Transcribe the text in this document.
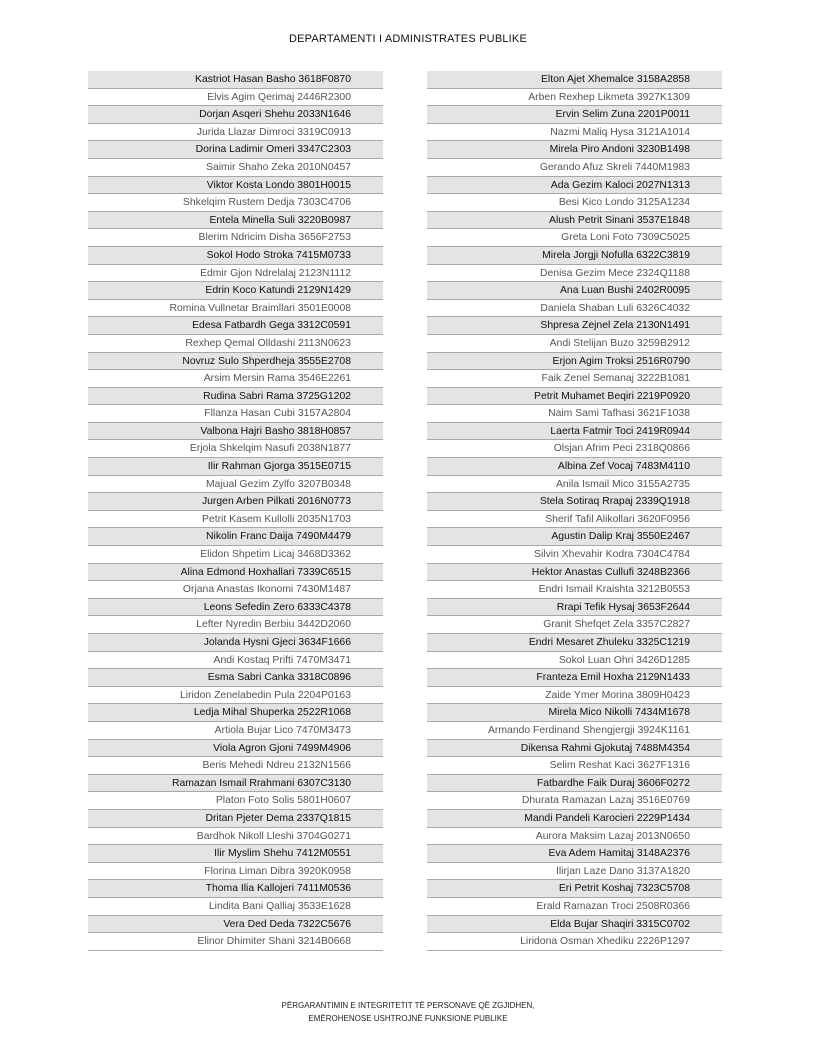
DEPARTAMENTI I ADMINISTRATES PUBLIKE
Kastriot Hasan Basho 3618F0870
Elvis Agim Qerimaj 2446R2300
Dorjan Asqeri Shehu 2033N1646
Jurida Llazar Dimroci 3319C0913
Dorina Ladimir Omeri 3347C2303
Saimir Shaho Zeka 2010N0457
Viktor Kosta Londo 3801H0015
Shkelqim Rustem Dedja 7303C4706
Entela Minella Suli 3220B0987
Blerim Ndricim Disha 3656F2753
Sokol Hodo Stroka 7415M0733
Edmir Gjon Ndrelalaj 2123N1112
Edrin Koco Katundi 2129N1429
Romina Vullnetar Braimllari 3501E0008
Edesa Fatbardh Gega 3312C0591
Rexhep Qemal Olldashi 2113N0623
Novruz Sulo Shperdheja 3555E2708
Arsim Mersin Rama 3546E2261
Rudina Sabri Rama 3725G1202
Fllanza Hasan Cubi 3157A2804
Valbona Hajri Basho 3818H0857
Erjola Shkelqim Nasufi 2038N1877
Ilir Rahman Gjorga 3515E0715
Majual Gezim Zylfo 3207B0348
Jurgen Arben Pilkati 2016N0773
Petrit Kasem Kullolli 2035N1703
Nikolin Franc Daija 7490M4479
Elidon Shpetim Licaj 3468D3362
Alina Edmond Hoxhallari 7339C6515
Orjana Anastas Ikonomi 7430M1487
Leons Sefedin Zero 6333C4378
Lefter Nyredin Berbiu 3442D2060
Jolanda Hysni Gjeci 3634F1666
Andi Kostaq Prifti 7470M3471
Esma Sabri Canka 3318C0896
Liridon Zenelabedin Pula 2204P0163
Ledja Mihal Shuperka 2522R1068
Artiola Bujar Lico 7470M3473
Viola Agron Gjoni 7499M4906
Beris Mehedi Ndreu 2132N1566
Ramazan Ismail Rrahmani 6307C3130
Platon Foto Solis 5801H0607
Dritan Pjeter Dema 2337Q1815
Bardhok Nikoll Lleshi 3704G0271
Ilir Myslim Shehu 7412M0551
Florina Liman Dibra 3920K0958
Thoma Ilia Kallojeri 7411M0536
Lindita Bani Qalliaj 3533E1628
Vera Ded Deda 7322C5676
Elinor Dhimiter Shani 3214B0668
Elton Ajet Xhemalce 3158A2858
Arben Rexhep Likmeta 3927K1309
Ervin Selim Zuna 2201P0011
Nazmi Maliq Hysa 3121A1014
Mirela Piro Andoni 3230B1498
Gerando Afuz Skreli 7440M1983
Ada Gezim Kaloci 2027N1313
Besi Kico Londo 3125A1234
Alush Petrit Sinani 3537E1848
Greta Loni Foto 7309C5025
Mirela Jorgji Nofulla 6322C3819
Denisa Gezim Mece 2324Q1188
Ana Luan Bushi 2402R0095
Daniela Shaban Luli 6326C4032
Shpresa Zejnel Zela 2130N1491
Andi Stelijan Buzo 3259B2912
Erjon Agim Troksi 2516R0790
Faik Zenel Semanaj 3222B1081
Petrit Muhamet Beqiri 2219P0920
Naim Sami Tafhasi 3621F1038
Laerta Fatmir Toci 2419R0944
Olsjan Afrim Peci 2318Q0866
Albina Zef Vocaj 7483M4110
Anila Ismail Mico 3155A2735
Stela Sotiraq Rrapaj 2339Q1918
Sherif Tafil Alikollari 3620F0956
Agustin Dalip Kraj 3550E2467
Silvin Xhevahir Kodra 7304C4784
Hektor Anastas Cullufi 3248B2366
Endri Ismail Kraishta 3212B0553
Rrapi Tefik Hysaj 3653F2644
Granit Shefqet Zela 3357C2827
Endri Mesaret Zhuleku 3325C1219
Sokol Luan Ohri 3426D1285
Franteza Emil Hoxha 2129N1433
Zaide Ymer Morina 3809H0423
Mirela Mico Nikolli 7434M1678
Armando Ferdinand Shengjergji 3924K1161
Dikensa Rahmi Gjokutaj 7488M4354
Selim Reshat Kaci 3627F1316
Fatbardhe Faik Duraj 3606F0272
Dhurata Ramazan Lazaj 3516E0769
Mandi Pandeli Karocieri 2229P1434
Aurora Maksim Lazaj 2013N0650
Eva Adem Hamitaj 3148A2376
Ilirjan Laze Dano 3137A1820
Eri Petrit Koshaj 7323C5708
Erald Ramazan Troci 2508R0366
Elda Bujar Shaqiri 3315C0702
Liridona Osman Xhediku 2226P1297
PËRGARANTIMIN E INTEGRITETIT TË PERSONAVE QË ZGJIDHEN,
EMËROHENOSE USHTROJNË FUNKSIONE PUBLIKE
